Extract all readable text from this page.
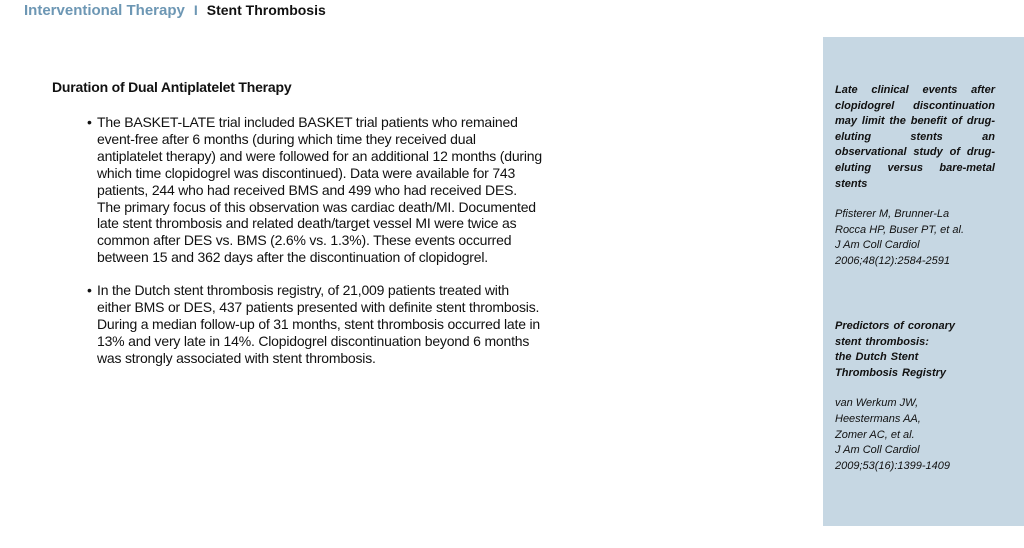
Interventional Therapy I Stent Thrombosis
Duration of Dual Antiplatelet Therapy
• The BASKET-LATE trial included BASKET trial patients who remained event-free after 6 months (during which time they received dual antiplatelet therapy) and were followed for an additional 12 months (during which time clopidogrel was discontinued). Data were available for 743 patients, 244 who had received BMS and 499 who had received DES. The primary focus of this observation was cardiac death/MI. Documented late stent thrombosis and related death/target vessel MI were twice as common after DES vs. BMS (2.6% vs. 1.3%). These events occurred between 15 and 362 days after the discontinuation of clopidogrel.
• In the Dutch stent thrombosis registry, of 21,009 patients treated with either BMS or DES, 437 patients presented with definite stent thrombosis. During a median follow-up of 31 months, stent thrombosis occurred late in 13% and very late in 14%. Clopidogrel discontinuation beyond 6 months was strongly associated with stent thrombosis.
Late clinical events after clopidogrel discontinuation may limit the benefit of drug-eluting stents an observational study of drug-eluting versus bare-metal stents
Pfisterer M, Brunner-La
Rocca HP, Buser PT, et al.
J Am Coll Cardiol
2006;48(12):2584-2591
Predictors of coronary
stent thrombosis:
the Dutch Stent
Thrombosis Registry
van Werkum JW,
Heestermans AA,
Zomer AC, et al.
J Am Coll Cardiol
2009;53(16):1399-1409
